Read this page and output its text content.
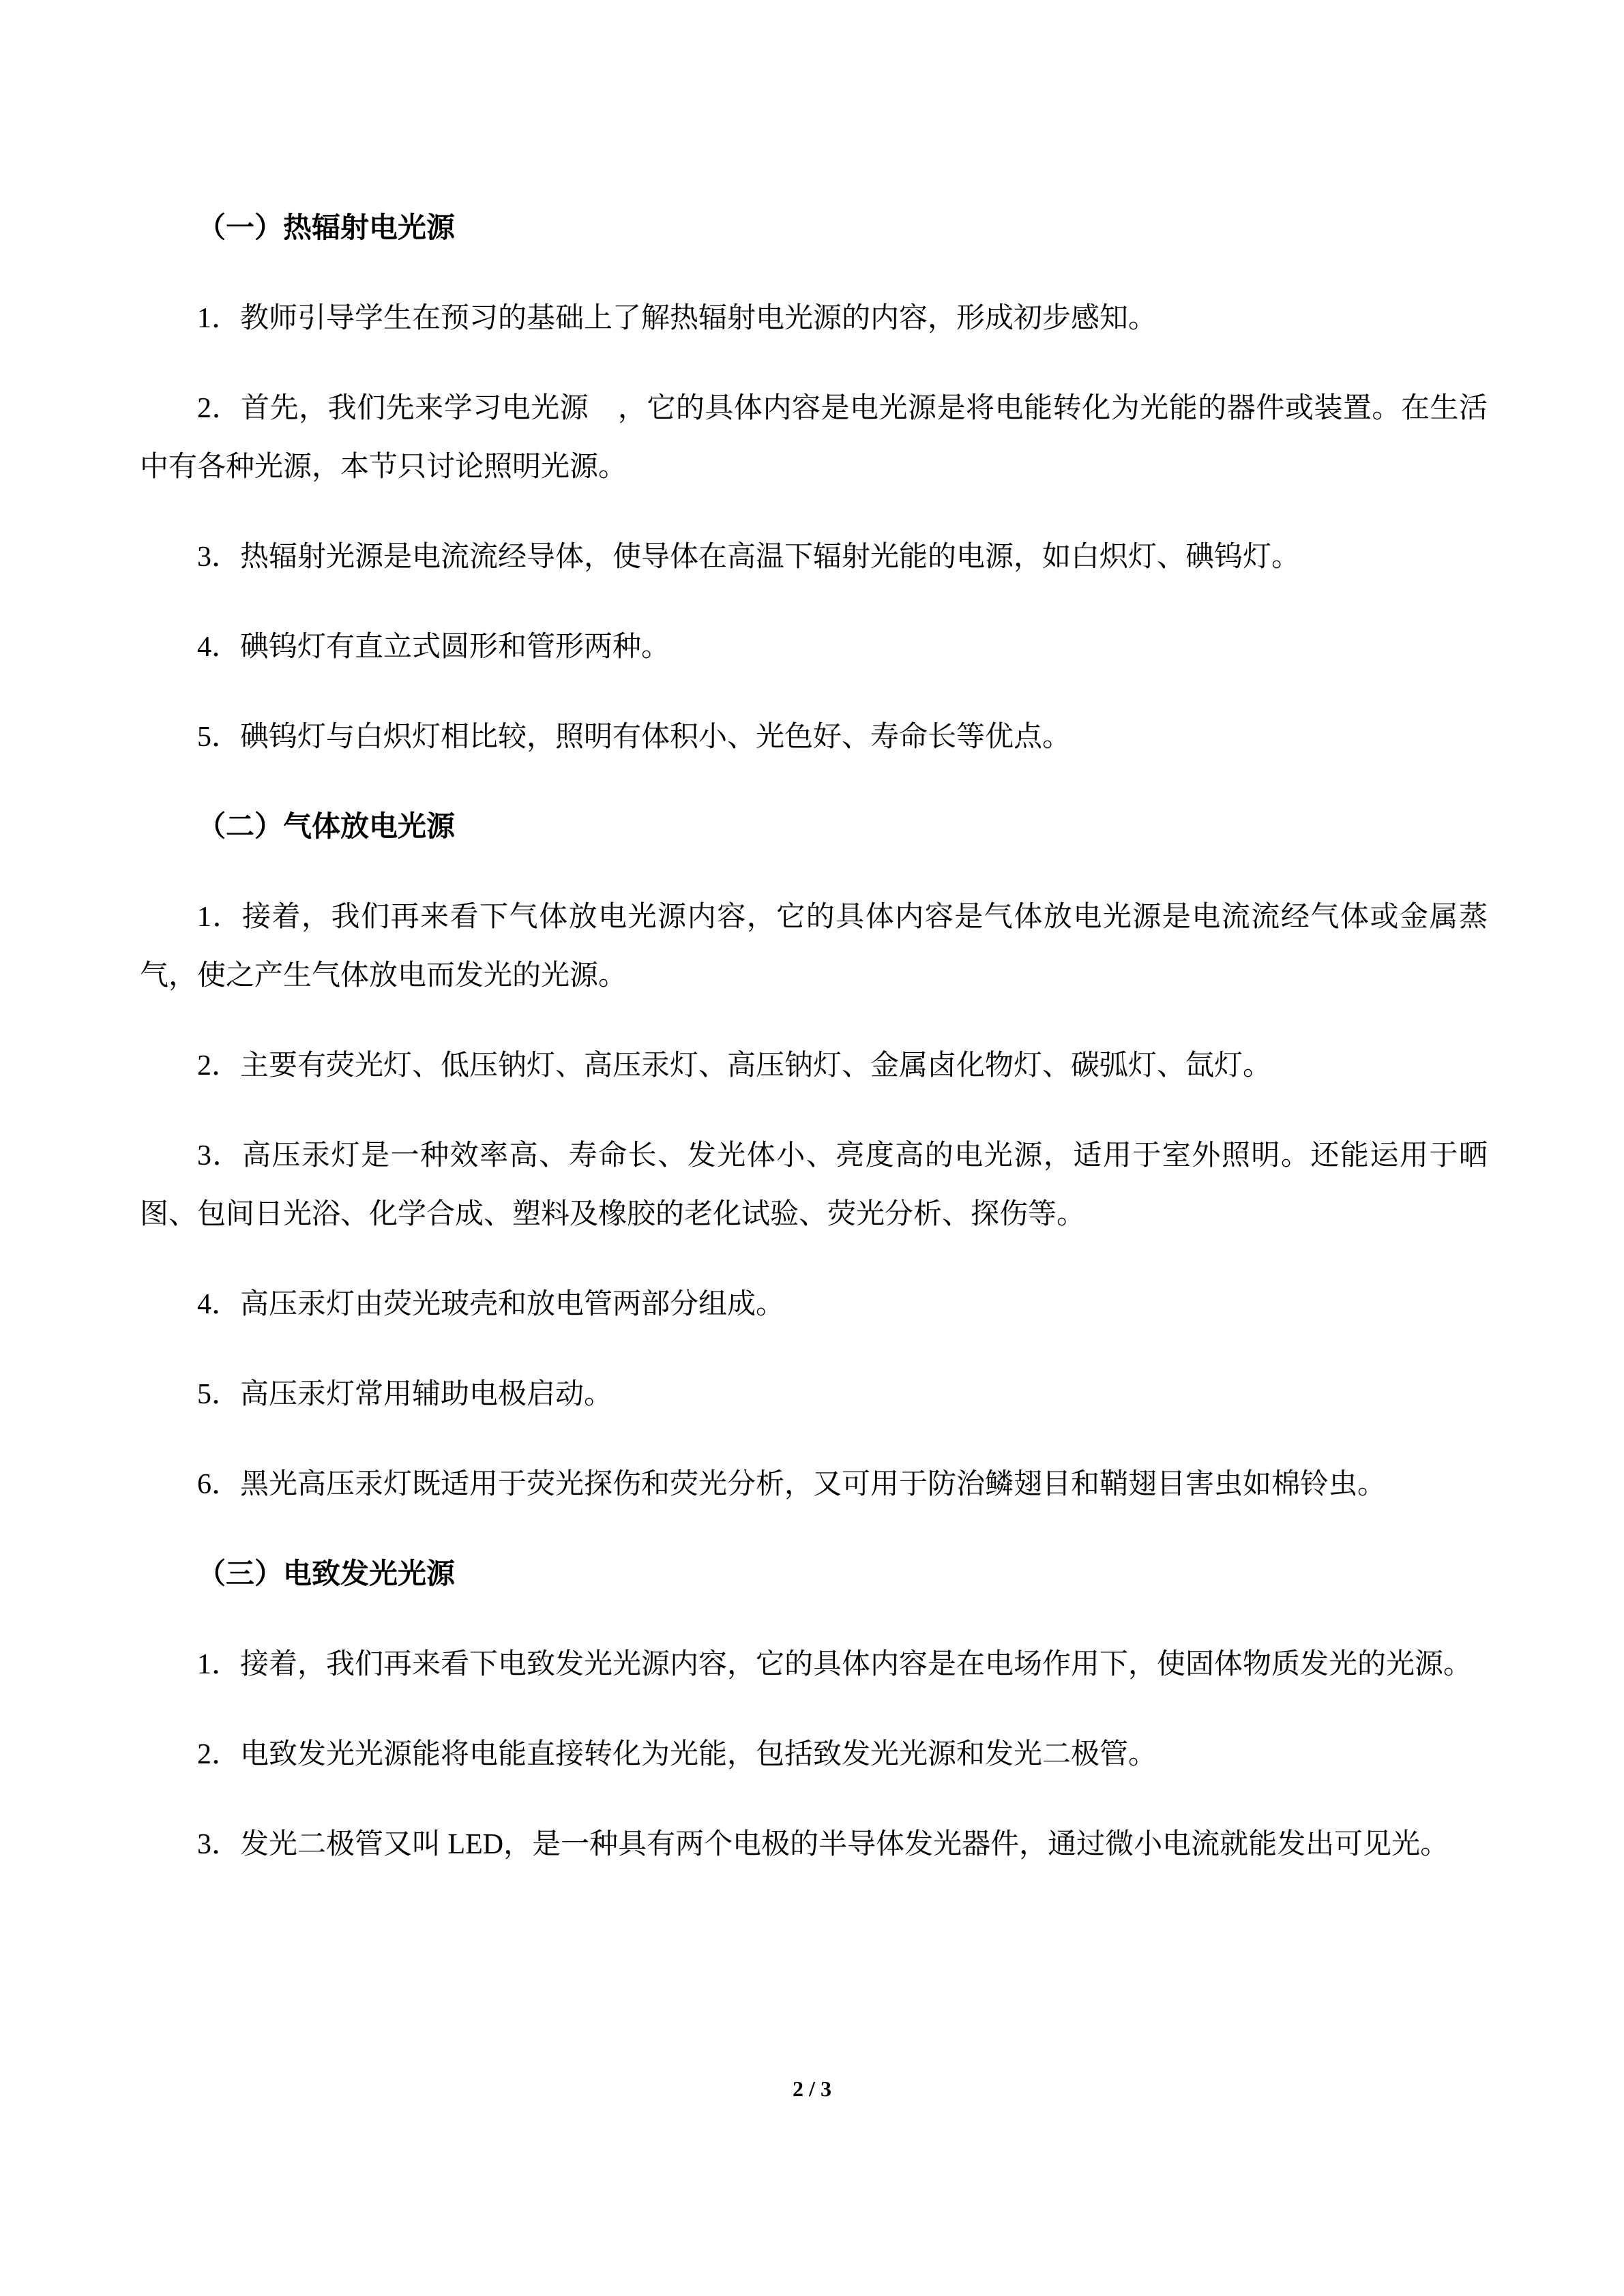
（一）热辐射电光源

1．教师引导学生在预习的基础上了解热辐射电光源的内容，形成初步感知。

2．首先，我们先来学习电光源　，它的具体内容是电光源是将电能转化为光能的器件或装置。在生活中有各种光源，本节只讨论照明光源。

3．热辐射光源是电流流经导体，使导体在高温下辐射光能的电源，如白炽灯、碘钨灯。

4．碘钨灯有直立式圆形和管形两种。

5．碘钨灯与白炽灯相比较，照明有体积小、光色好、寿命长等优点。

（二）气体放电光源

1．接着，我们再来看下气体放电光源内容，它的具体内容是气体放电光源是电流流经气体或金属蒸气，使之产生气体放电而发光的光源。

2．主要有荧光灯、低压钠灯、高压汞灯、高压钠灯、金属卤化物灯、碳弧灯、氙灯。

3．高压汞灯是一种效率高、寿命长、发光体小、亮度高的电光源，适用于室外照明。还能运用于晒图、包间日光浴、化学合成、塑料及橡胶的老化试验、荧光分析、探伤等。

4．高压汞灯由荧光玻壳和放电管两部分组成。

5．高压汞灯常用辅助电极启动。

6．黑光高压汞灯既适用于荧光探伤和荧光分析，又可用于防治鳞翅目和鞘翅目害虫如棉铃虫。

（三）电致发光光源

1．接着，我们再来看下电致发光光源内容，它的具体内容是在电场作用下，使固体物质发光的光源。

2．电致发光光源能将电能直接转化为光能，包括致发光光源和发光二极管。

3．发光二极管又叫 LED，是一种具有两个电极的半导体发光器件，通过微小电流就能发出可见光。

2 / 3
